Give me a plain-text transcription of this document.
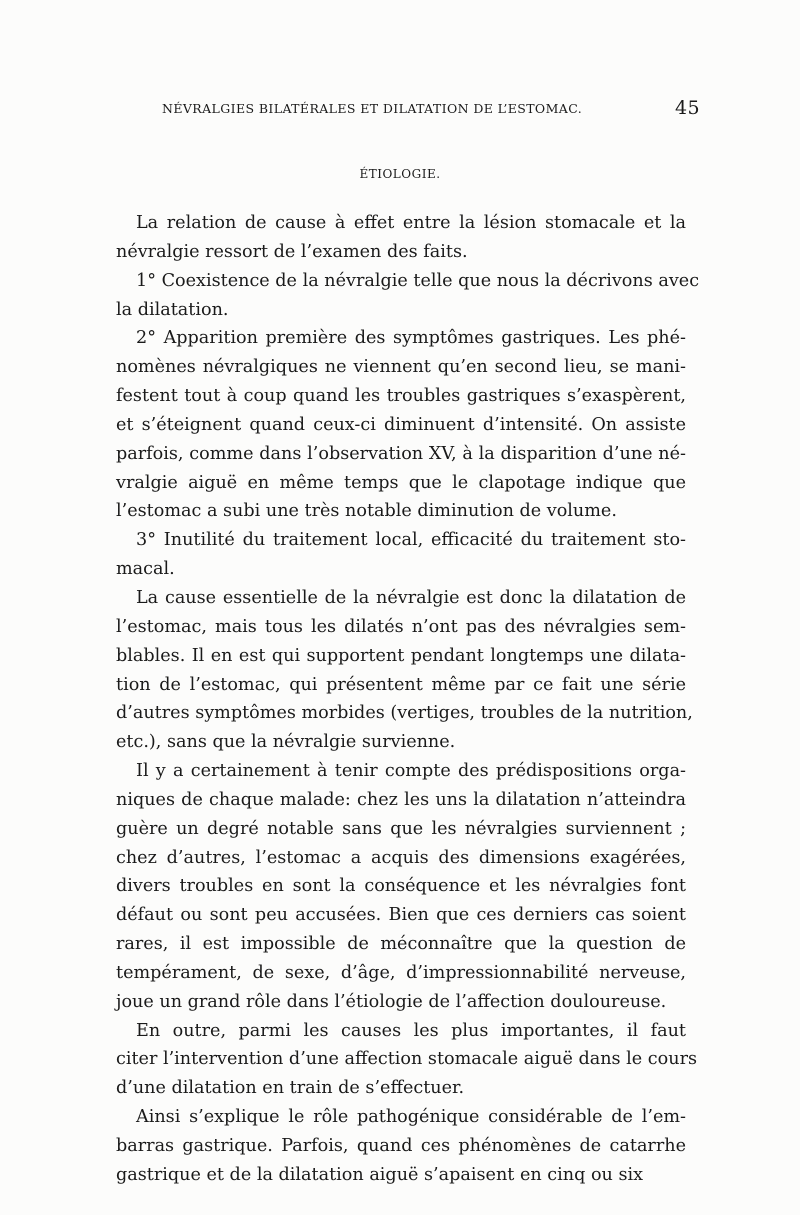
NÉVRALGIES BILATÉRALES ET DILATATION DE L’ESTOMAC.	45
ÉTIOLOGIE.
La relation de cause à effet entre la lésion stomacale et la
névralgie ressort de l’examen des faits.
1° Coexistence de la névralgie telle que nous la décrivons avec
la dilatation.
2° Apparition première des symptômes gastriques. Les phé-
nomènes névralgiques ne viennent qu’en second lieu, se mani-
festent tout à coup quand les troubles gastriques s’exaspèrent,
et s’éteignent quand ceux-ci diminuent d’intensité. On assiste
parfois, comme dans l’observation XV, à la disparition d’une né-
vralgie aiguë en même temps que le clapotage indique que
l’estomac a subi une très notable diminution de volume.
3° Inutilité du traitement local, efficacité du traitement sto-
macal.
La cause essentielle de la névralgie est donc la dilatation de
l’estomac, mais tous les dilatés n’ont pas des névralgies sem-
blables. Il en est qui supportent pendant longtemps une dilata-
tion de l’estomac, qui présentent même par ce fait une série
d’autres symptômes morbides (vertiges, troubles de la nutrition,
etc.), sans que la névralgie survienne.
Il y a certainement à tenir compte des prédispositions orga-
niques de chaque malade: chez les uns la dilatation n’atteindra
guère un degré notable sans que les névralgies surviennent ;
chez d’autres, l’estomac a acquis des dimensions exagérées,
divers troubles en sont la conséquence et les névralgies font
défaut ou sont peu accusées. Bien que ces derniers cas soient
rares, il est impossible de méconnaître que la question de
tempérament, de sexe, d’âge, d’impressionnabilité nerveuse,
joue un grand rôle dans l’étiologie de l’affection douloureuse.
En outre, parmi les causes les plus importantes, il faut
citer l’intervention d’une affection stomacale aiguë dans le cours
d’une dilatation en train de s’effectuer.
Ainsi s’explique le rôle pathogénique considérable de l’em-
barras gastrique. Parfois, quand ces phénomènes de catarrhe
gastrique et de la dilatation aiguë s’apaisent en cinq ou six
